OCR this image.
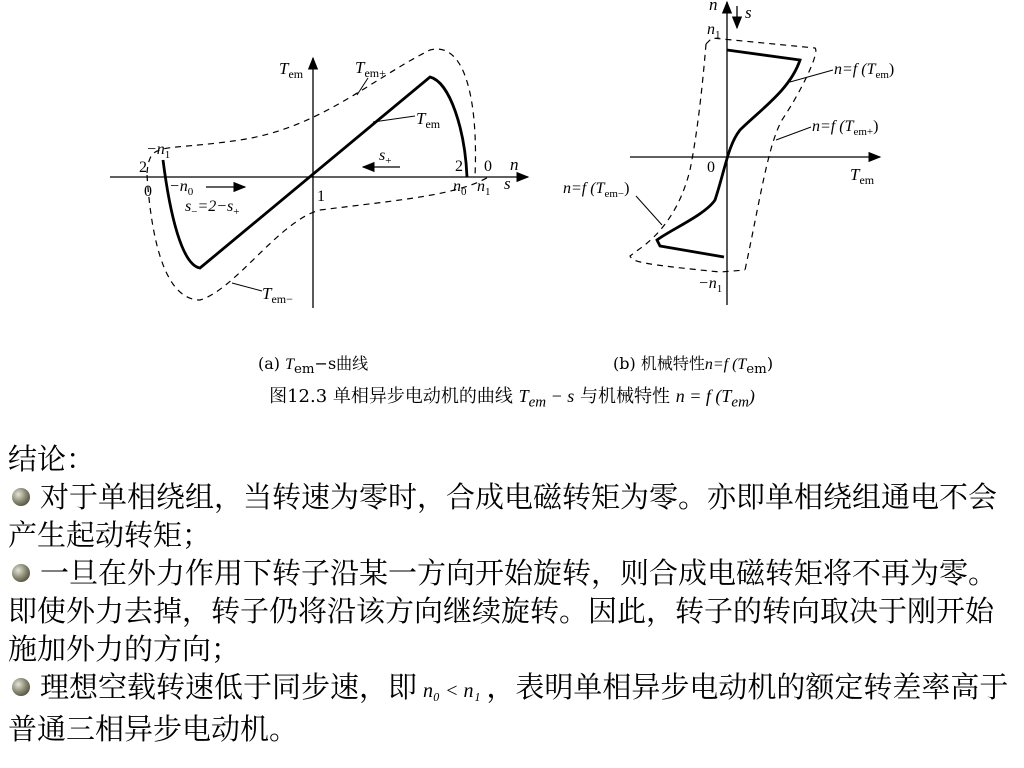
$T_{em}$	$T_{em+}$
$T_{em}$
$T_{em-}$
$-n_1$
2
$0 -n_0$
$s_-=2-s_+$
$s_+$
1
2 0
$n_0$ $n_1$
n
s
n s
$n_1$
0	$T_{em}$
n=f $(T_{em})$
n=f $(T_{em+})$
n=f $(T_{em-})$
$-n_1$
(a) $T_{em}-s$曲线	(b) 机械特性n=f $(T_{em})$
图12.3 单相异步电动机的曲线 $T_{em} - s$ 与机械特性 n = f $(T_{em})$

结论：

对于单相绕组，当转速为零时，合成电磁转矩为零。亦即单相绕组通电不会产生起动转矩；

一旦在外力作用下转子沿某一方向开始旋转，则合成电磁转矩将不再为零。即使外力去掉，转子仍将沿该方向继续旋转。因此，转子的转向取决于刚开始施加外力的方向；

理想空载转速低于同步速，即 n₀ < n₁ ，表明单相异步电动机的额定转差率高于普通三相异步电动机。
